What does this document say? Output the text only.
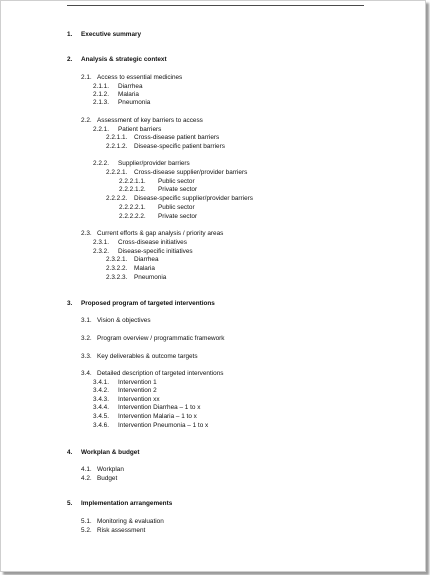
1. Executive summary
2. Analysis & strategic context
2.1. Access to essential medicines
2.1.1. Diarrhea
2.1.2. Malaria
2.1.3. Pneumonia
2.2. Assessment of key barriers to access
2.2.1. Patient barriers
2.2.1.1. Cross-disease patient barriers
2.2.1.2. Disease-specific patient barriers
2.2.2. Supplier/provider barriers
2.2.2.1. Cross-disease supplier/provider barriers
2.2.2.1.1. Public sector
2.2.2.1.2. Private sector
2.2.2.2. Disease-specific supplier/provider barriers
2.2.2.2.1. Public sector
2.2.2.2.2. Private sector
2.3. Current efforts & gap analysis / priority areas
2.3.1. Cross-disease initiatives
2.3.2. Disease-specific initiatives
2.3.2.1. Diarrhea
2.3.2.2. Malaria
2.3.2.3. Pneumonia
3. Proposed program of targeted interventions
3.1. Vision & objectives
3.2. Program overview / programmatic framework
3.3. Key deliverables & outcome targets
3.4. Detailed description of targeted interventions
3.4.1. Intervention 1
3.4.2. Intervention 2
3.4.3. Intervention xx
3.4.4. Intervention Diarrhea – 1 to x
3.4.5. Intervention Malaria – 1 to x
3.4.6. Intervention Pneumonia – 1 to x
4. Workplan & budget
4.1. Workplan
4.2. Budget
5. Implementation arrangements
5.1. Monitoring & evaluation
5.2. Risk assessment
